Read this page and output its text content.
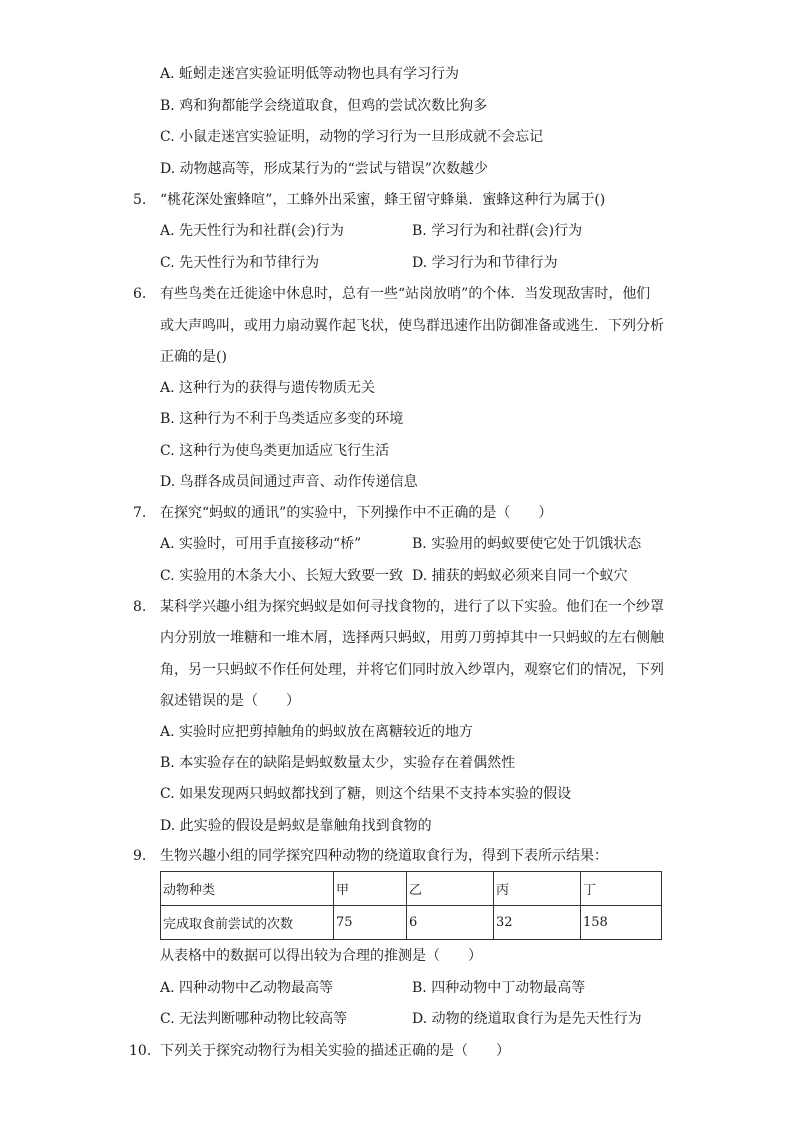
A. 蚯蚓走迷宫实验证明低等动物也具有学习行为
B. 鸡和狗都能学会绕道取食，但鸡的尝试次数比狗多
C. 小鼠走迷宫实验证明，动物的学习行为一旦形成就不会忘记
D. 动物越高等，形成某行为的“尝试与错误”次数越少
5. “桃花深处蜜蜂喧”，工蜂外出采蜜，蜂王留守蜂巢．蜜蜂这种行为属于()
A. 先天性行为和社群(会)行为	B. 学习行为和社群(会)行为
C. 先天性行为和节律行为	D. 学习行为和节律行为
6. 有些鸟类在迁徙途中休息时，总有一些“站岗放哨”的个体．当发现敌害时，他们
或大声鸣叫，或用力扇动翼作起飞状，使鸟群迅速作出防御准备或逃生．下列分析
正确的是()
A. 这种行为的获得与遗传物质无关
B. 这种行为不利于鸟类适应多变的环境
C. 这种行为使鸟类更加适应飞行生活
D. 鸟群各成员间通过声音、动作传递信息
7. 在探究“蚂蚁的通讯”的实验中，下列操作中不正确的是（　　）
A. 实验时，可用手直接移动“桥”	B. 实验用的蚂蚁要使它处于饥饿状态
C. 实验用的木条大小、长短大致要一致 D. 捕获的蚂蚁必须来自同一个蚁穴
8. 某科学兴趣小组为探究蚂蚁是如何寻找食物的，进行了以下实验。他们在一个纱罩
内分别放一堆糖和一堆木屑，选择两只蚂蚁，用剪刀剪掉其中一只蚂蚁的左右侧触
角，另一只蚂蚁不作任何处理，并将它们同时放入纱罩内，观察它们的情况，下列
叙述错误的是（　　）
A. 实验时应把剪掉触角的蚂蚁放在离糖较近的地方
B. 本实验存在的缺陷是蚂蚁数量太少，实验存在着偶然性
C. 如果发现两只蚂蚁都找到了糖，则这个结果不支持本实验的假设
D. 此实验的假设是蚂蚁是靠触角找到食物的
9. 生物兴趣小组的同学探究四种动物的绕道取食行为，得到下表所示结果：
动物种类	甲	乙	丙	丁
完成取食前尝试的次数	75	6	32	158
从表格中的数据可以得出较为合理的推测是（　　）
A. 四种动物中乙动物最高等	B. 四种动物中丁动物最高等
C. 无法判断哪种动物比较高等	D. 动物的绕道取食行为是先天性行为
10. 下列关于探究动物行为相关实验的描述正确的是（　　）
